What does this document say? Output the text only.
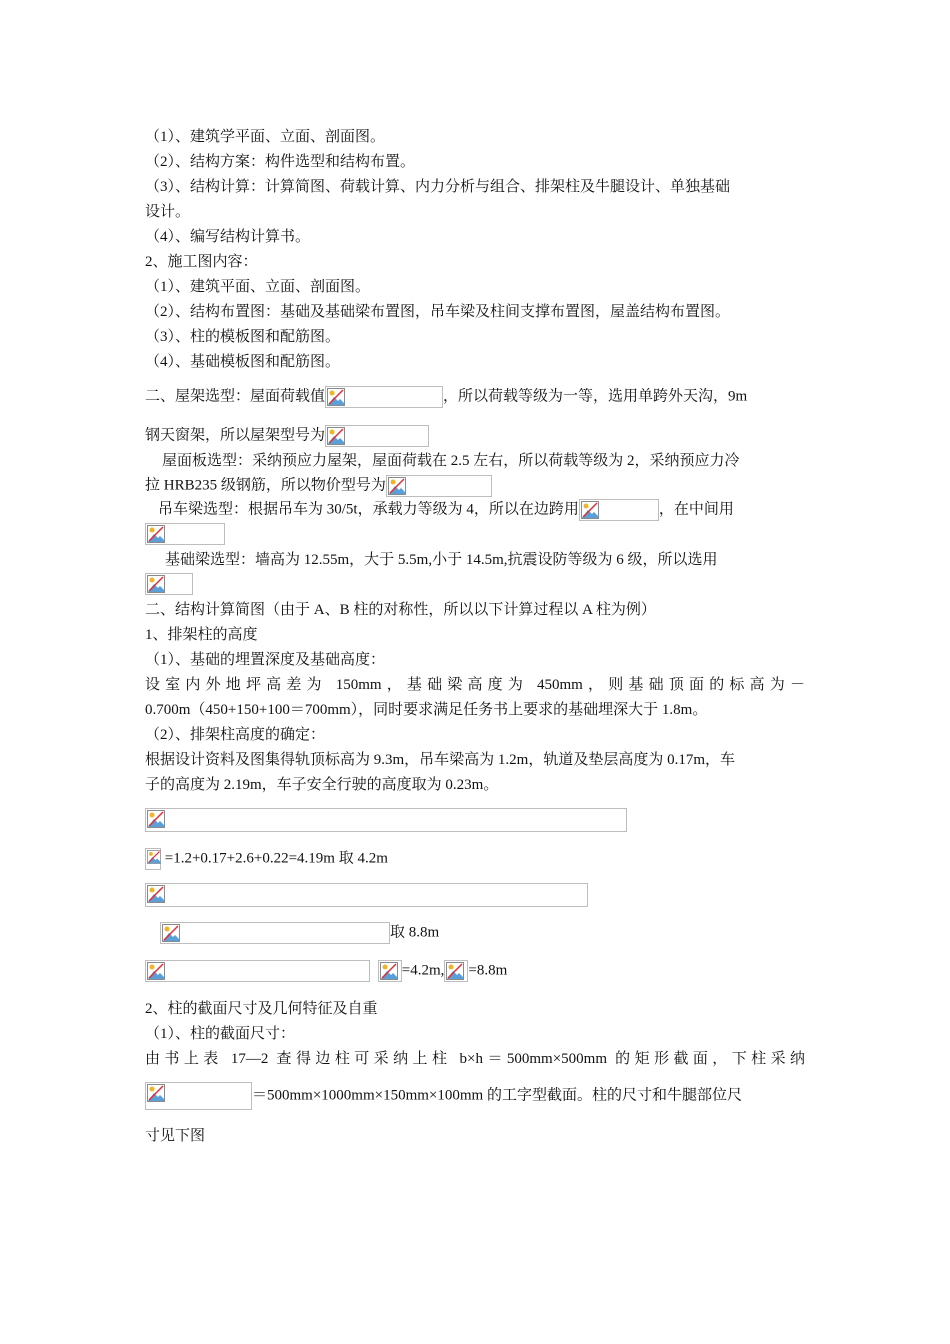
（1）、建筑学平面、立面、剖面图。
（2）、结构方案：构件选型和结构布置。
（3）、结构计算：计算简图、荷载计算、内力分析与组合、排架柱及牛腿设计、单独基础
设计。
（4）、编写结构计算书。
2、施工图内容：
（1）、建筑平面、立面、剖面图。
（2）、结构布置图：基础及基础梁布置图，吊车梁及柱间支撑布置图，屋盖结构布置图。
（3）、柱的模板图和配筋图。
（4）、基础模板图和配筋图。
二、屋架选型：屋面荷载值	，所以荷载等级为一等，选用单跨外天沟，9m
钢天窗架，所以屋架型号为
屋面板选型：采纳预应力屋架，屋面荷载在 2.5 左右，所以荷载等级为 2，采纳预应力冷
拉 HRB235 级钢筋，所以物价型号为
吊车梁选型：根据吊车为 30/5t，承载力等级为 4，所以在边跨用	，在中间用
基础梁选型：墙高为 12.55m，大于 5.5m,小于 14.5m,抗震设防等级为 6 级，所以选用
二、结构计算简图（由于 A、B 柱的对称性，所以以下计算过程以 A 柱为例）
1、排架柱的高度
（1）、基础的埋置深度及基础高度：
设室内外地坪高差为 150mm，基础梁高度为 450mm，则基础顶面的标高为－
0.700m（450+150+100＝700mm），同时要求满足任务书上要求的基础埋深大于 1.8m。
（2）、排架柱高度的确定：
根据设计资料及图集得轨顶标高为 9.3m，吊车梁高为 1.2m，轨道及垫层高度为 0.17m，车
子的高度为 2.19m，车子安全行驶的高度取为 0.23m。
=1.2+0.17+2.6+0.22=4.19m 取 4.2m
取 8.8m

=4.2m, =8.8m
2、柱的截面尺寸及几何特征及自重
（1）、柱的截面尺寸：
由书上表 17—2 查得边柱可采纳上柱 b×h＝500mm×500mm 的矩形截面，下柱采纳
＝500mm×1000mm×150mm×100mm 的工字型截面。柱的尺寸和牛腿部位尺
寸见下图
